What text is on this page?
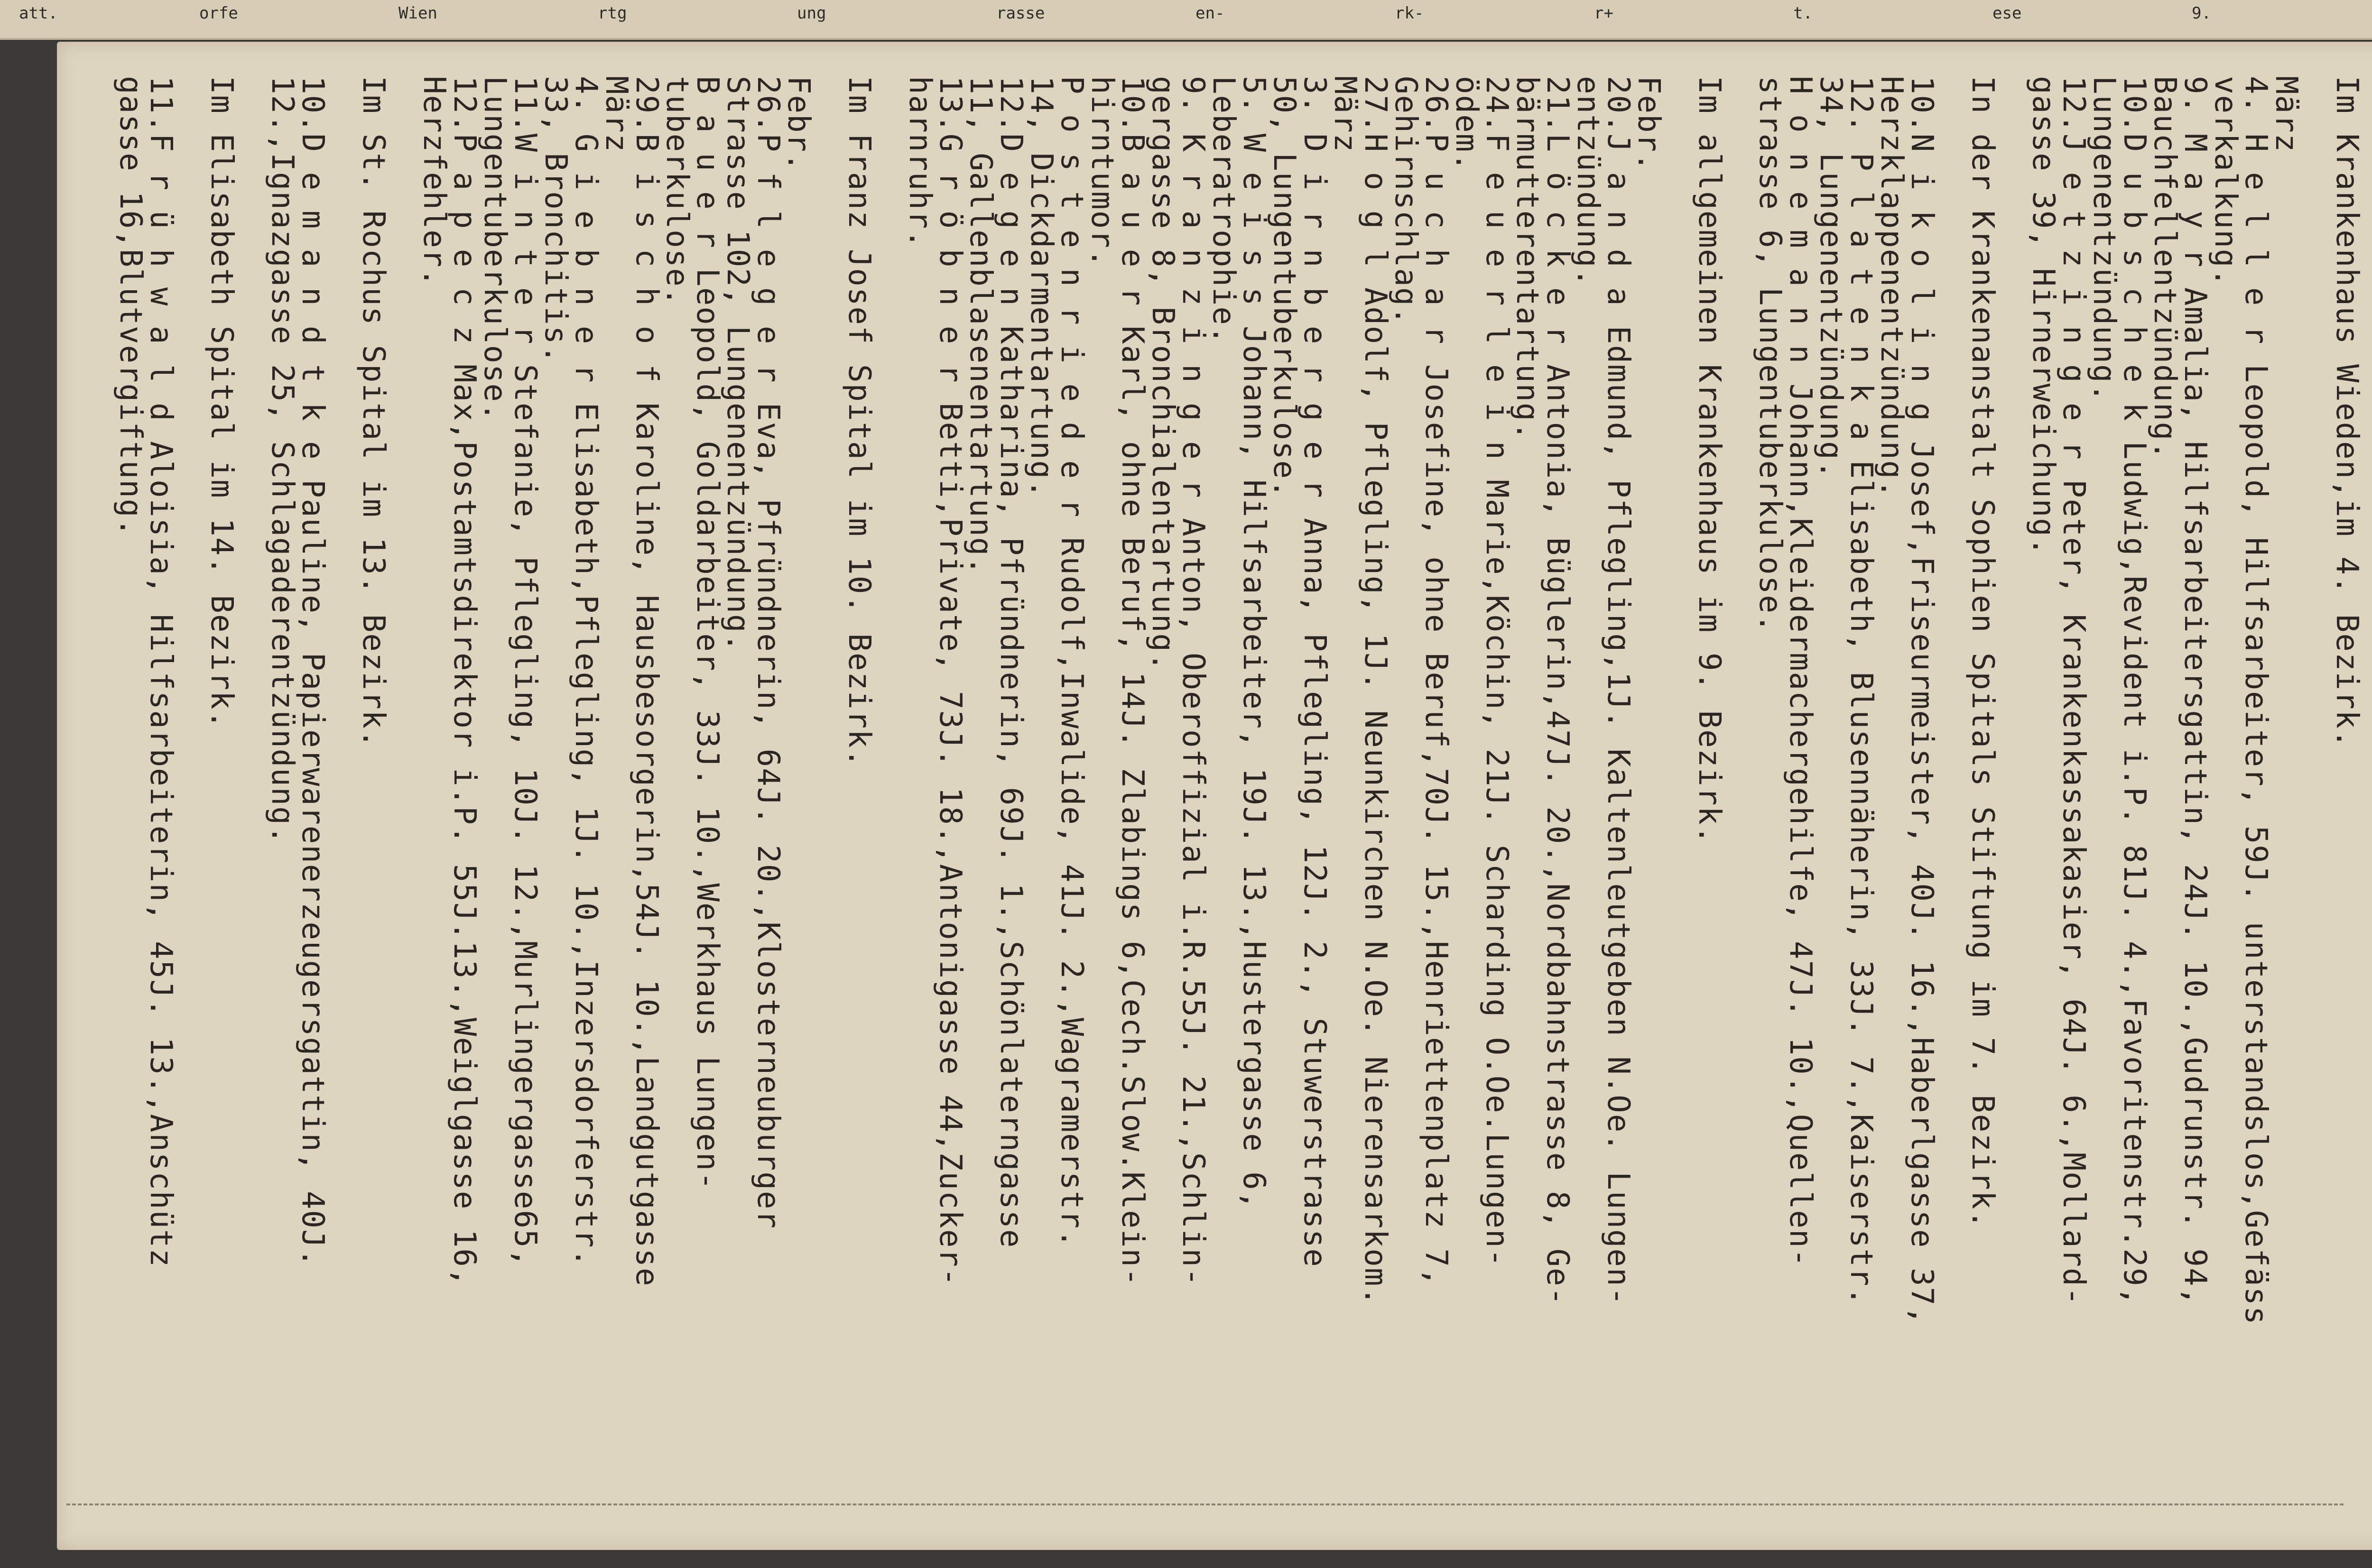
att.	orfe	Wien	rtg	ung	rasse	en-	rk-	r+	t.	ese	9.
Im Krankenhaus Wieden,im 4. Bezirk.
März
4. H e l l e r Leopold, Hilfsarbeiter, 59J. unterstandslos,Gefäss
verkalkung.
9. M a y r Amalia, Hilfsarbeitersgattin, 24J. 10.,Gudrunstr. 94,
Bauchfellentzündung.
10.D u b s c h e k Ludwig,Revident i.P. 81J. 4.,Favoritenstr.29,
Lungenentzündung.
12.J e t z i n g e r Peter, Krankenkassakasier, 64J. 6.,Mollard-
gasse 39, Hirnerweichung.
In der Krankenanstalt Sophien Spitals Stiftung im 7. Bezirk.
10.N i k o l i n g Josef,Friseurmeister, 40J. 16.,Haberlgasse 37,
Herzklappenentzündung.
12. P l a t e n k a Elisabeth, Blusennäherin, 33J. 7.,Kaiserstr.
34, Lungenentzündung.
H o n e m a n n Johann,Kleidermachergehilfe, 47J. 10.,Quellen-
strasse 6, Lungentuberkulose.
Im allgemeinen Krankenhaus im 9. Bezirk.
Febr.
20.J a n d a Edmund, Pflegling,1J. Kaltenleutgeben N.Oe. Lungen-
entzündung.
21.L ö c k e r Antonia, Büglerin,47J. 20.,Nordbahnstrasse 8, Ge-
bärmutterentartung.
24.F e u e r l e i n Marie,Köchin, 21J. Scharding O.Oe.Lungen-
ödem.
26.P u c h a r Josefine, ohne Beruf,70J. 15.,Henriettenplatz 7,
Gehirnschlag.
27.H o g l Adolf, Pflegling, 1J. Neunkirchen N.Oe. Nierensarkom.
März
3. D i r n b e r g e r Anna, Pflegling, 12J. 2., Stuwerstrasse
50, Lungentuberkulose.
5. W e i s s Johann, Hilfsarbeiter, 19J. 13.,Hustergasse 6,
Leberatrophie.
9. K r a n z i n g e r Anton, Oberoffizial i.R.55J. 21.,Schlin-
gergasse 8, Bronchialentartung.
10.B a u e r Karl, ohne Beruf, 14J. Zlabings 6,Cech.Slow.Klein-
hirntumor.
P o s t e n r i e d e r Rudolf,Inwalide, 41J. 2.,Wagramerstr.
14, Dickdarmentartung.
12.D e g e n Katharina, Pfründnerin, 69J. 1.,Schönlaterngasse
11, Gallenblasenentartung.
13.G r ö b n e r Betti,Private, 73J. 18.,Antonigasse 44,Zucker-
harnruhr.
Im Franz Josef Spital im 10. Bezirk.
Febr.
26.P f l e g e r Eva, Pfründnerin, 64J. 20.,Klosterneuburger
Strasse 102, Lungenentzündung.
B a u e r Leopold, Goldarbeiter, 33J. 10.,Werkhaus Lungen-
tuberkulose.
29.B i s c h o f Karoline, Hausbesorgerin,54J. 10.,Landgutgasse
März
4. G i e b n e r Elisabeth,Pflegling, 1J. 10.,Inzersdorferstr.
33, Bronchitis.
11.W i n t e r Stefanie, Pflegling, 10J. 12.,Murlingergasse65,
Lungentuberkulose.
12.P a p e c z Max,Postamtsdirektor i.P. 55J.13.,Weiglgasse 16,
Herzfehler.
Im St. Rochus Spital im 13. Bezirk.
10.D e m a n d t k e Pauline, Papierwarenerzeugersgattin, 40J.
12.,Ignazgasse 25, Schlagaderentzündung.
Im Elisabeth Spital im 14. Bezirk.
11.F r ü h w a l d Aloisia, Hilfsarbeiterin, 45J. 13.,Anschütz
gasse 16,Blutvergiftung.
